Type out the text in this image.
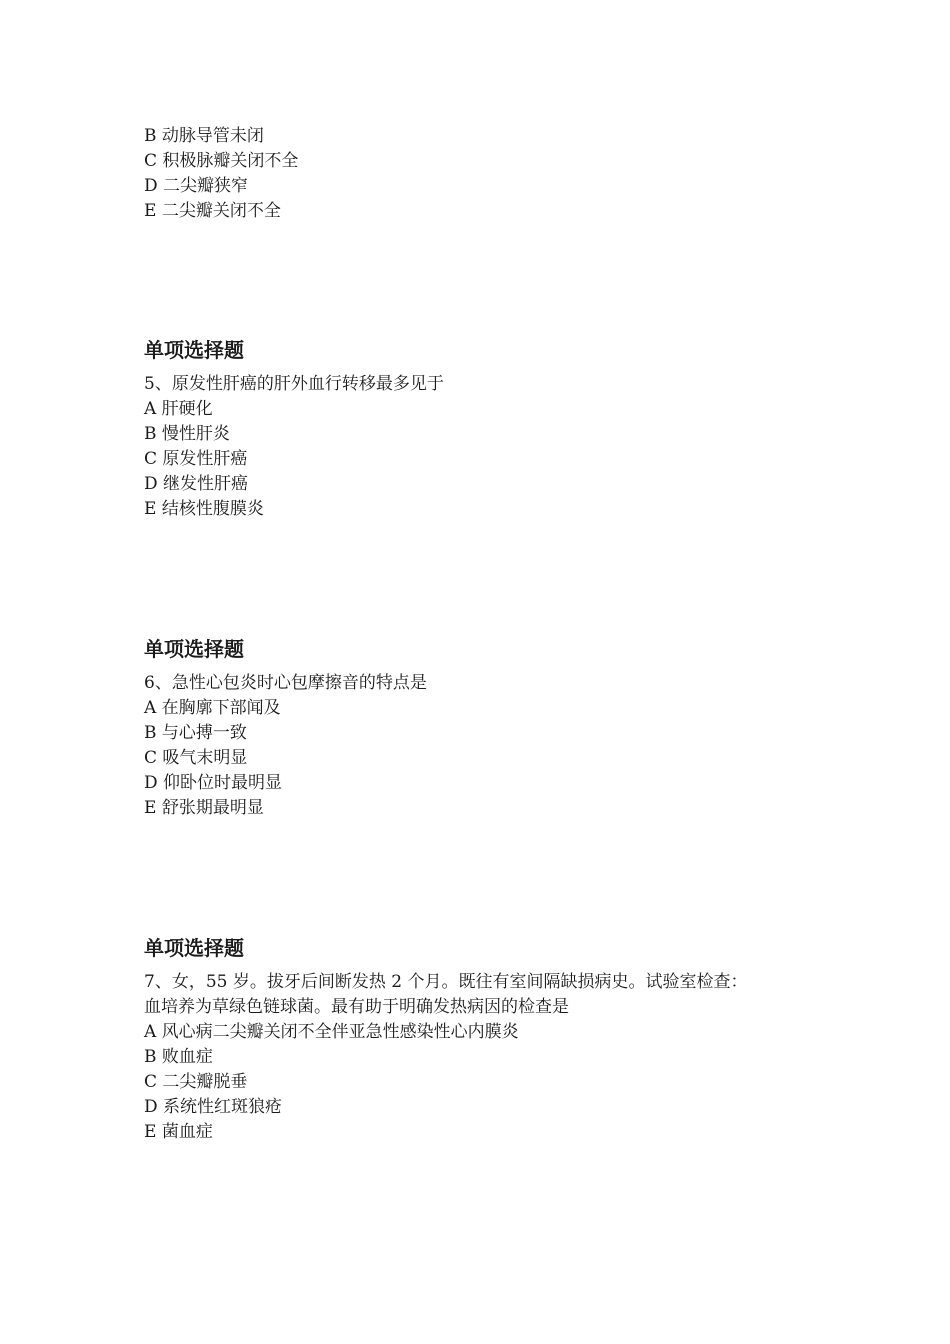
B 动脉导管未闭
C 积极脉瓣关闭不全
D 二尖瓣狭窄
E 二尖瓣关闭不全
单项选择题
5、原发性肝癌的肝外血行转移最多见于
A 肝硬化
B 慢性肝炎
C 原发性肝癌
D 继发性肝癌
E 结核性腹膜炎
单项选择题
6、急性心包炎时心包摩擦音的特点是
A 在胸廓下部闻及
B 与心搏一致
C 吸气末明显
D 仰卧位时最明显
E 舒张期最明显
单项选择题
7、女，55 岁。拔牙后间断发热 2 个月。既往有室间隔缺损病史。试验室检查：
血培养为草绿色链球菌。最有助于明确发热病因的检查是
A 风心病二尖瓣关闭不全伴亚急性感染性心内膜炎
B 败血症
C 二尖瓣脱垂
D 系统性红斑狼疮
E 菌血症
